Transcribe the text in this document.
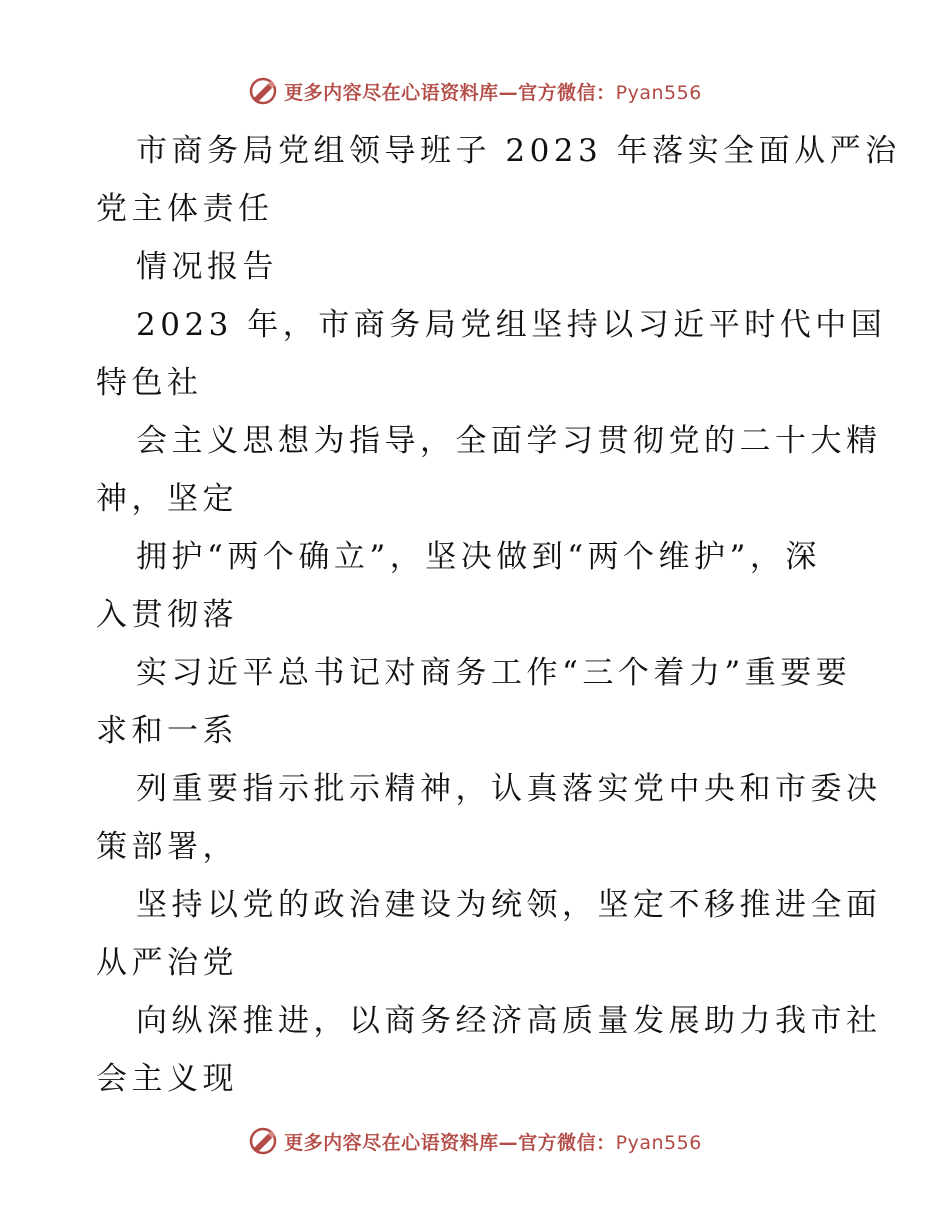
更多内容尽在心语资料库—官方微信：Pyan556
市商务局党组领导班子 2023 年落实全面从严治
党主体责任
情况报告
2023 年，市商务局党组坚持以习近平时代中国
特色社
会主义思想为指导，全面学习贯彻党的二十大精
神，坚定
拥护“两个确立”，坚决做到“两个维护”，深
入贯彻落
实习近平总书记对商务工作“三个着力”重要要
求和一系
列重要指示批示精神，认真落实党中央和市委决
策部署，
坚持以党的政治建设为统领，坚定不移推进全面
从严治党
向纵深推进，以商务经济高质量发展助力我市社
会主义现
更多内容尽在心语资料库—官方微信：Pyan556
